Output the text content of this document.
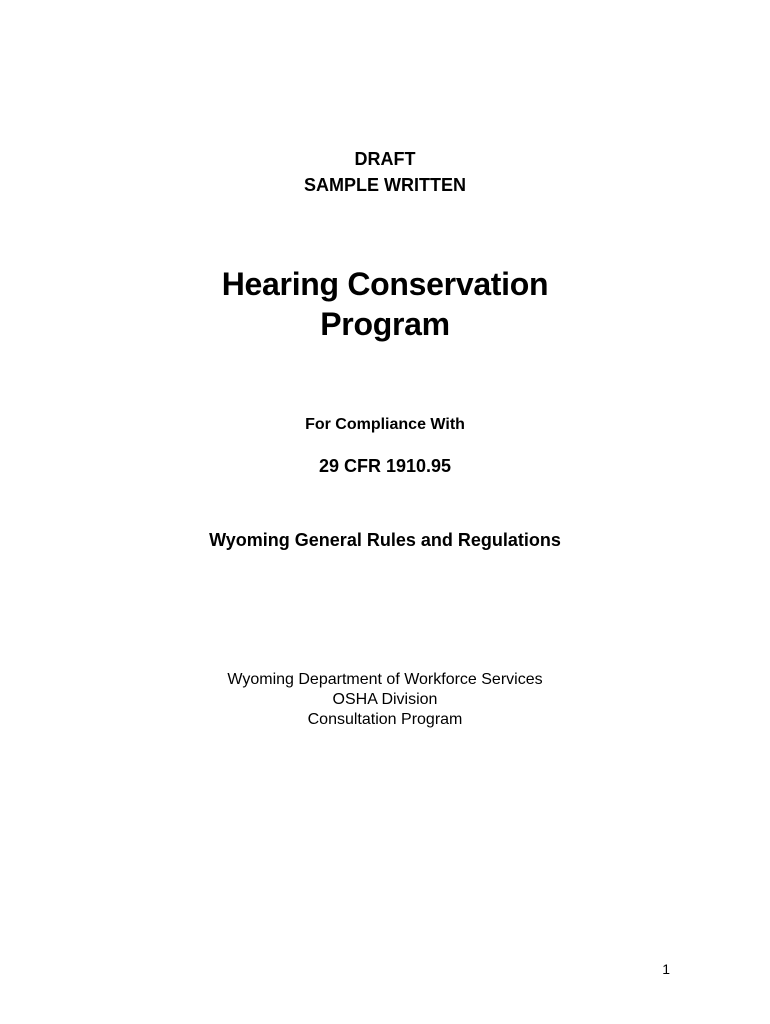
DRAFT
SAMPLE WRITTEN
Hearing Conservation
Program
For Compliance With
29 CFR 1910.95
Wyoming General Rules and Regulations
Wyoming Department of Workforce Services
OSHA Division
Consultation Program
1
